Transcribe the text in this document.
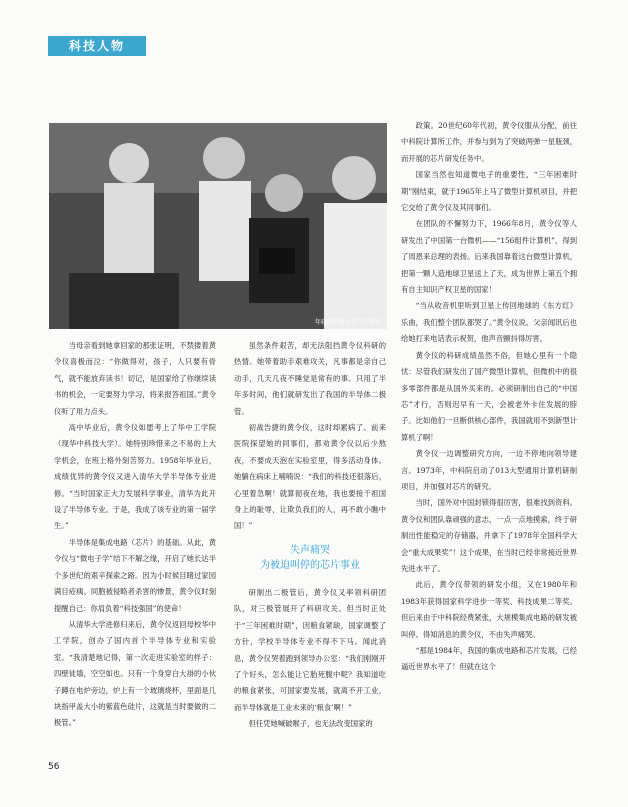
科技人物
年轻时的黄令仪与同事们

当母亲看到她拿回家的那张证明，不禁搂着黄令仪喜极而泣：“你做得对，孩子，人只要有骨气，就不能放弃读书！切记，是国家给了你继续读书的机会，一定要努力学习，将来报答祖国。”黄令仪听了用力点头。

高中毕业后，黄令仪如愿考上了华中工学院（现华中科技大学）。她特别珍惜来之不易的上大学机会，在班上格外刻苦努力。1958年毕业后，成绩优异的黄令仪又进入清华大学半导体专业进修。“当时国家正大力发展科学事业，清华为此开设了半导体专业。于是，我成了该专业的第一届学生。”

半导体是集成电路（芯片）的基础。从此，黄令仪与“微电子学”结下不解之缘，开启了她长达半个多世纪的艰辛探索之路。因为小时候目睹过家园满目疮痍、同胞被侵略者杀害的惨景，黄令仪时刻提醒自己：你肩负着“科技强国”的使命！

从清华大学进修归来后，黄令仪返回母校华中工学院，创办了国内首个半导体专业和实验室。“我清楚地记得，第一次走进实验室的样子：四壁徒墙，空空如也。只有一个身穿白大褂的小伙子蹲在电炉旁边，炉上有一个玻璃烧杯，里面是几块指甲盖大小的紫蓝色硅片，这就是当时要做的二极管。”

虽然条件艰苦，却无法阻挡黄令仪科研的热情。她带着助手艰难攻关，凡事都是亲自己动手，几天几夜不睡觉是常有的事。只用了半年多时间，他们就研发出了我国的半导体二极管。

初战告捷的黄令仪，这时却累病了。前来医院探望她的同事们，都劝黄令仪以后少熬夜，不要成天泡在实验室里，得多活动身体。她躺在病床上喃喃说：“我们的科技还很落后，心里着急啊！就算彻夜在地，我也要接干祖国身上的耻辱，让欺负我们的人，再不敢小瞧中国！”

失声痛哭
为被迫叫停的芯片事业

研制出二极管后，黄令仪又率领科研团队，对三极管展开了科研攻关。但当时正处于“三年困难时期”，因粮食紧缺，国家调整了方针，学校半导体专业不得不下马。闻此消息，黄令仪哭着跑到领导办公室：“我们刚刚开了个好头，怎么能让它胎死腹中呢？我知道吃的粮食紧张，可国家要发展，就离不开工业，而半导体就是工业未来的‘粮食’啊！”

但任凭她喊破喉子，也无法改变国家的

政策。20世纪60年代初，黄令仪服从分配，前往中科院计算所工作，并参与到为了突破两弹一星瓶颈，而开展的芯片研发任务中。

国家当然也知道微电子的重要性，“三年困难时期”刚结束，就于1965年上马了微型计算机项目，并把它交给了黄令仪及其同事们。

在团队的不懈努力下，1966年8月，黄令仪等人研发出了中国第一台微机——“156组件计算机”，得到了周恩来总理的表扬。后来我国靠着这台微型计算机，把第一颗人造地球卫星送上了天，成为世界上第五个拥有自主知识产权卫星的国家！

“当从收音机里听到卫星上传回地球的《东方红》乐曲，我们整个团队都哭了。”黄令仪说。父亲闻讯后也给她打来电话表示祝贺，他声音颤抖得厉害。

黄令仪的科研成绩虽然不俗，但她心里有一个隐忧：尽管我们研发出了国产微型计算机，但微机中的很多零部件都是从国外买来的。必须研制出自己的“中国芯”才行，否则迟早有一天，会被老外卡住发展的脖子。比如他们一旦断供核心部件，我国就用不到新型计算机了啊！

黄令仪一边调整研究方向，一边不停地向领导建言。1973年，中科院启动了013大型通用计算机研制项目，并加强对芯片的研究。

当时，国外对中国封锁得很厉害，很难找到资料。黄令仪和团队靠顽强的意志，一点一点地摸索，终于研制出性能稳定的存储器，并拿下了1978年全国科学大会“重大成果奖”！这个成果，在当时已经非常接近世界先进水平了。

此后，黄令仪带领的研发小组，又在1980年和1983年获得国家科学进步一等奖、科技成果二等奖。但后来由于中科院经费紧张，大规模集成电路的研发被叫停。得知消息的黄令仪，不由失声痛哭。

“那是1984年，我国的集成电路和芯片发展，已经逼近世界水平了！但就在这个

56
